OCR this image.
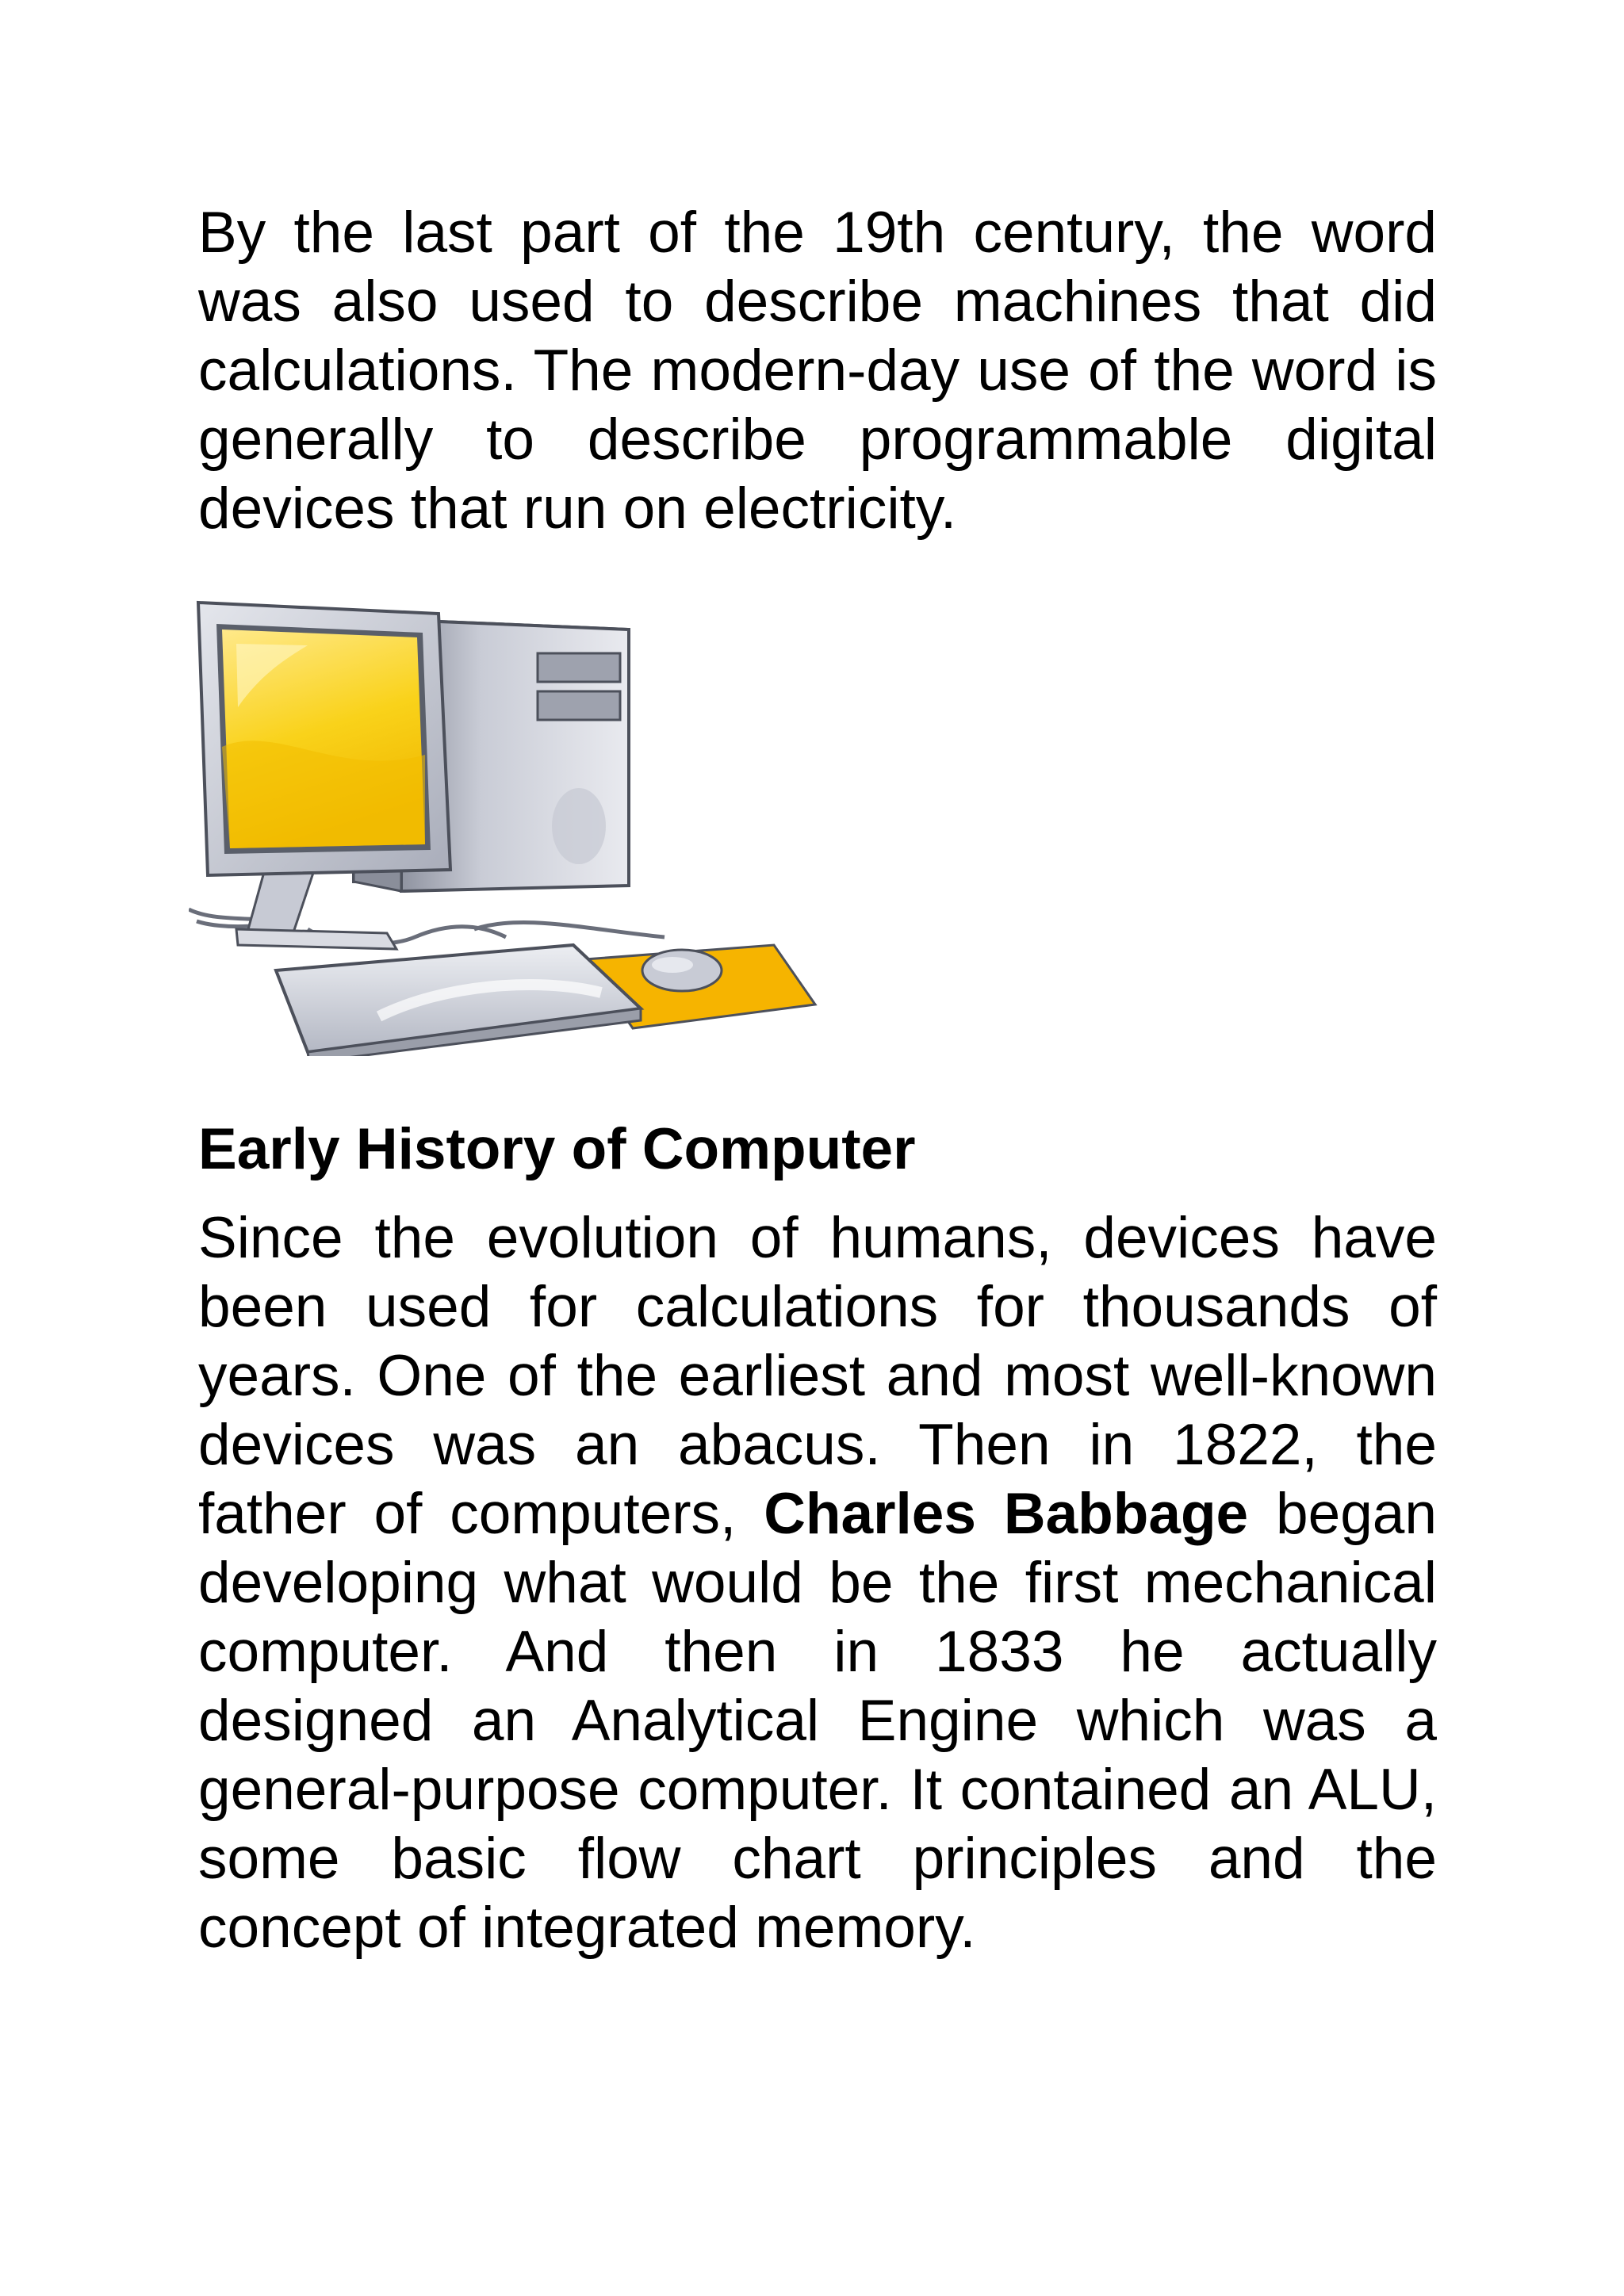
By the last part of the 19th century, the word was also used to describe machines that did calculations. The modern-day use of the word is generally to describe programmable digital devices that run on electricity.

Early History of Computer

Since the evolution of humans, devices have been used for calculations for thousands of years. One of the earliest and most well-known devices was an abacus. Then in 1822, the father of computers, Charles Babbage began developing what would be the first mechanical computer. And then in 1833 he actually designed an Analytical Engine which was a general-purpose computer. It contained an ALU, some basic flow chart principles and the concept of integrated memory.
